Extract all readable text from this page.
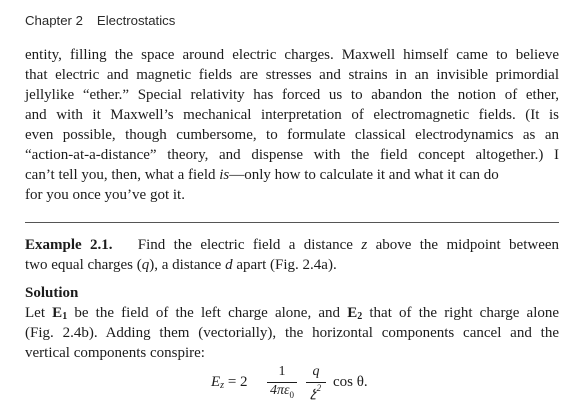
Chapter 2 Electrostatics
entity, filling the space around electric charges. Maxwell himself came to believe
that electric and magnetic fields are stresses and strains in an invisible primordial
jellylike “ether.” Special relativity has forced us to abandon the notion of ether,
and with it Maxwell’s mechanical interpretation of electromagnetic fields. (It is
even possible, though cumbersome, to formulate classical electrodynamics as an
“action-at-a-distance” theory, and dispense with the field concept altogether.) I
can’t tell you, then, what a field is—only how to calculate it and what it can do
for you once you’ve got it.
Example 2.1. Find the electric field a distance z above the midpoint between
two equal charges (q), a distance d apart (Fig. 2.4a).
Solution
Let $E_1$ be the field of the left charge alone, and $E_2$ that of the right charge alone
(Fig. 2.4b). Adding them (vectorially), the horizontal components cancel and the
vertical components conspire:
$E_z = 2$
1
$4\pi\varepsilon_0$
q
չ$^2$ cos θ.
